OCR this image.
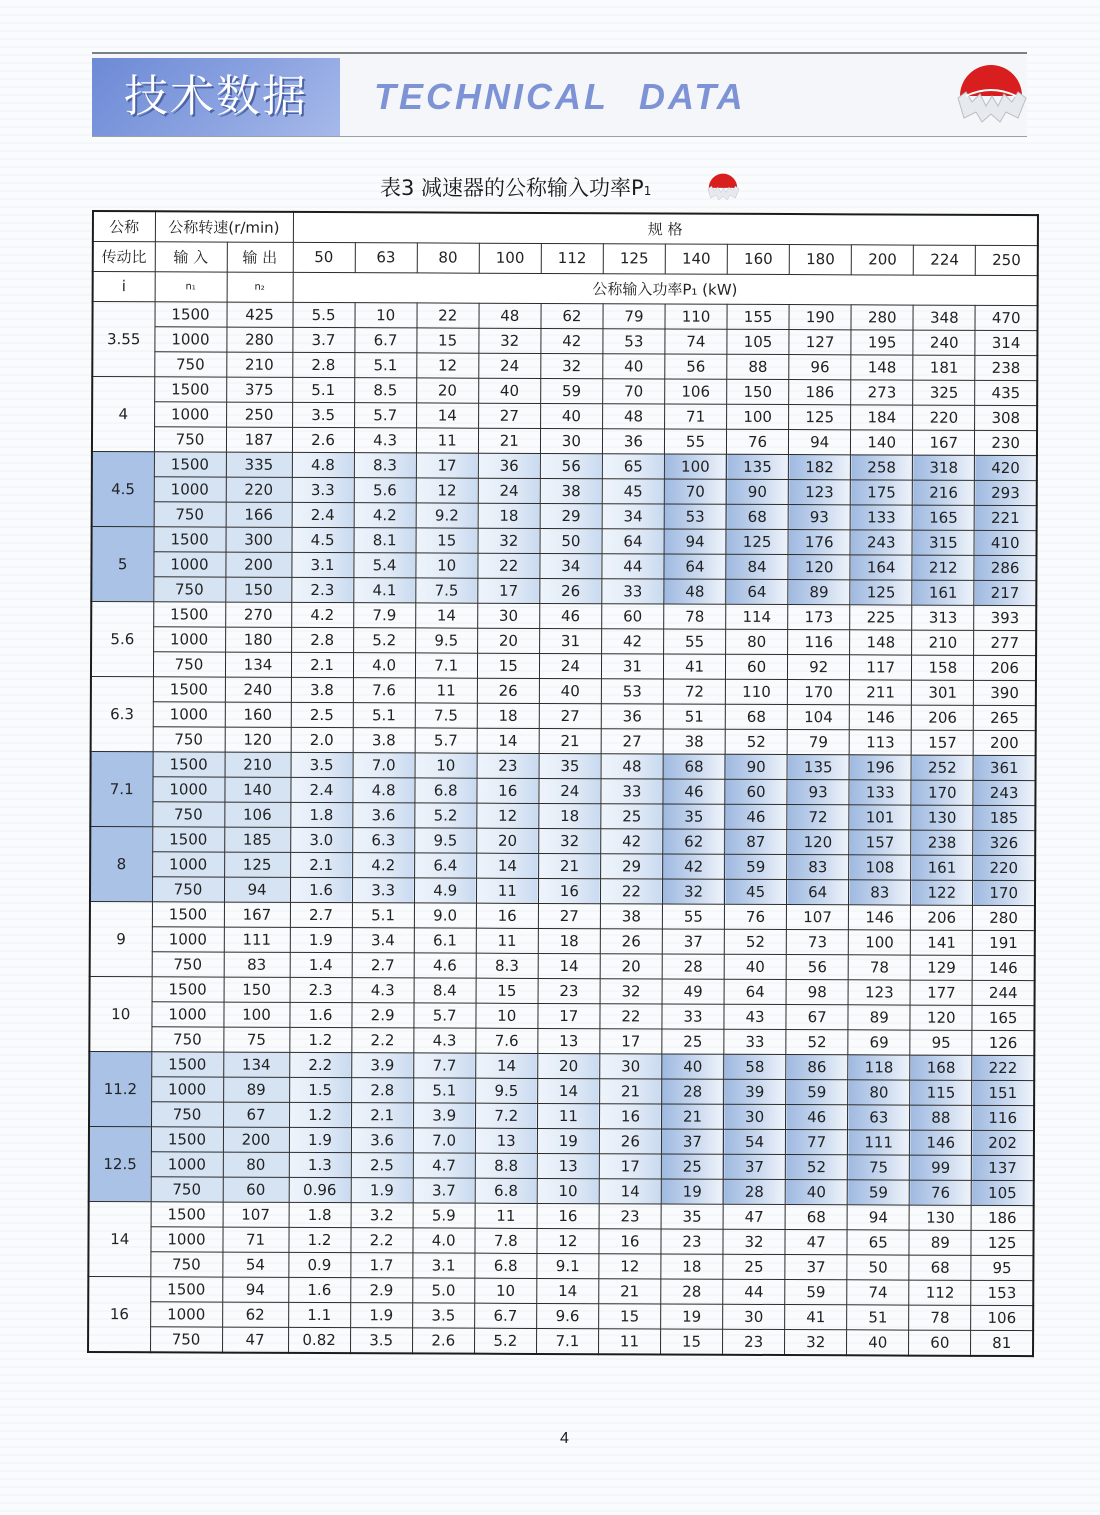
技术数据	TECHNICAL DATA
表3 减速器的公称输入功率P1
公称	公称转速(r/min)		规 格											
传动比	输 入	输 出	50	63	80	100	112	125	140	160	180	200	224	250
i	n₁	n₂	公称输入功率P₁ (kW)											
3.55	1500	425	5.5	10	22	48	62	79	110	155	190	280	348	470
	1000	280	3.7	6.7	15	32	42	53	74	105	127	195	240	314
	750	210	2.8	5.1	12	24	32	40	56	88	96	148	181	238
4	1500	375	5.1	8.5	20	40	59	70	106	150	186	273	325	435
	1000	250	3.5	5.7	14	27	40	48	71	100	125	184	220	308
	750	187	2.6	4.3	11	21	30	36	55	76	94	140	167	230
4.5	1500	335	4.8	8.3	17	36	56	65	100	135	182	258	318	420
	1000	220	3.3	5.6	12	24	38	45	70	90	123	175	216	293
	750	166	2.4	4.2	9.2	18	29	34	53	68	93	133	165	221
5	1500	300	4.5	8.1	15	32	50	64	94	125	176	243	315	410
	1000	200	3.1	5.4	10	22	34	44	64	84	120	164	212	286
	750	150	2.3	4.1	7.5	17	26	33	48	64	89	125	161	217
5.6	1500	270	4.2	7.9	14	30	46	60	78	114	173	225	313	393
	1000	180	2.8	5.2	9.5	20	31	42	55	80	116	148	210	277
	750	134	2.1	4.0	7.1	15	24	31	41	60	92	117	158	206
6.3	1500	240	3.8	7.6	11	26	40	53	72	110	170	211	301	390
	1000	160	2.5	5.1	7.5	18	27	36	51	68	104	146	206	265
	750	120	2.0	3.8	5.7	14	21	27	38	52	79	113	157	200
7.1	1500	210	3.5	7.0	10	23	35	48	68	90	135	196	252	361
	1000	140	2.4	4.8	6.8	16	24	33	46	60	93	133	170	243
	750	106	1.8	3.6	5.2	12	18	25	35	46	72	101	130	185
8	1500	185	3.0	6.3	9.5	20	32	42	62	87	120	157	238	326
	1000	125	2.1	4.2	6.4	14	21	29	42	59	83	108	161	220
	750	94	1.6	3.3	4.9	11	16	22	32	45	64	83	122	170
9	1500	167	2.7	5.1	9.0	16	27	38	55	76	107	146	206	280
	1000	111	1.9	3.4	6.1	11	18	26	37	52	73	100	141	191
	750	83	1.4	2.7	4.6	8.3	14	20	28	40	56	78	129	146
10	1500	150	2.3	4.3	8.4	15	23	32	49	64	98	123	177	244
	1000	100	1.6	2.9	5.7	10	17	22	33	43	67	89	120	165
	750	75	1.2	2.2	4.3	7.6	13	17	25	33	52	69	95	126
11.2	1500	134	2.2	3.9	7.7	14	20	30	40	58	86	118	168	222
	1000	89	1.5	2.8	5.1	9.5	14	21	28	39	59	80	115	151
	750	67	1.2	2.1	3.9	7.2	11	16	21	30	46	63	88	116
12.5	1500	200	1.9	3.6	7.0	13	19	26	37	54	77	111	146	202
	1000	80	1.3	2.5	4.7	8.8	13	17	25	37	52	75	99	137
	750	60	0.96	1.9	3.7	6.8	10	14	19	28	40	59	76	105
14	1500	107	1.8	3.2	5.9	11	16	23	35	47	68	94	130	186
	1000	71	1.2	2.2	4.0	7.8	12	16	23	32	47	65	89	125
	750	54	0.9	1.7	3.1	6.8	9.1	12	18	25	37	50	68	95
16	1500	94	1.6	2.9	5.0	10	14	21	28	44	59	74	112	153
	1000	62	1.1	1.9	3.5	6.7	9.6	15	19	30	41	51	78	106
	750	47	0.82	3.5	2.6	5.2	7.1	11	15	23	32	40	60	81
4
